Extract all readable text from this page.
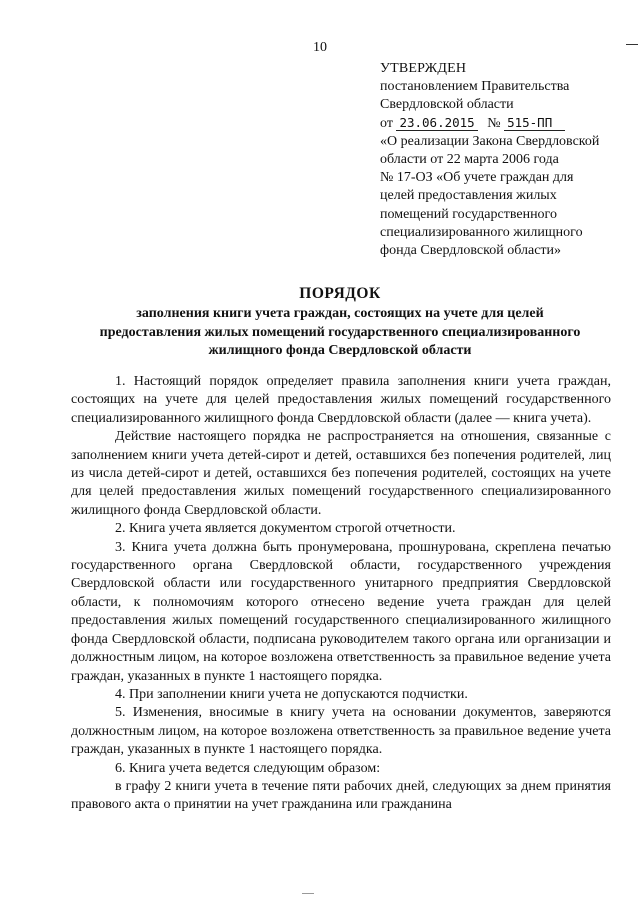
10
УТВЕРЖДЕН
постановлением Правительства
Свердловской области
от 23.06.2015 № 515-ПП
«О реализации Закона Свердловской
области от 22 марта 2006 года
№ 17-ОЗ «Об учете граждан для
целей предоставления жилых
помещений государственного
специализированного жилищного
фонда Свердловской области»
ПОРЯДОК
заполнения книги учета граждан, состоящих на учете для целей
предоставления жилых помещений государственного специализированного
жилищного фонда Свердловской области

1. Настоящий порядок определяет правила заполнения книги учета граждан, состоящих на учете для целей предоставления жилых помещений государственного специализированного жилищного фонда Свердловской области (далее — книга учета).

Действие настоящего порядка не распространяется на отношения, связанные с заполнением книги учета детей-сирот и детей, оставшихся без попечения родителей, лиц из числа детей-сирот и детей, оставшихся без попечения родителей, состоящих на учете для целей предоставления жилых помещений государственного специализированного жилищного фонда Свердловской области.

2. Книга учета является документом строгой отчетности.

3. Книга учета должна быть пронумерована, прошнурована, скреплена печатью государственного органа Свердловской области, государственного учреждения Свердловской области или государственного унитарного предприятия Свердловской области, к полномочиям которого отнесено ведение учета граждан для целей предоставления жилых помещений государственного специализированного жилищного фонда Свердловской области, подписана руководителем такого органа или организации и должностным лицом, на которое возложена ответственность за правильное ведение учета граждан, указанных в пункте 1 настоящего порядка.

4. При заполнении книги учета не допускаются подчистки.

5. Изменения, вносимые в книгу учета на основании документов, заверяются должностным лицом, на которое возложена ответственность за правильное ведение учета граждан, указанных в пункте 1 настоящего порядка.

6. Книга учета ведется следующим образом:

в графу 2 книги учета в течение пяти рабочих дней, следующих за днем принятия правового акта о принятии на учет гражданина или гражданина
